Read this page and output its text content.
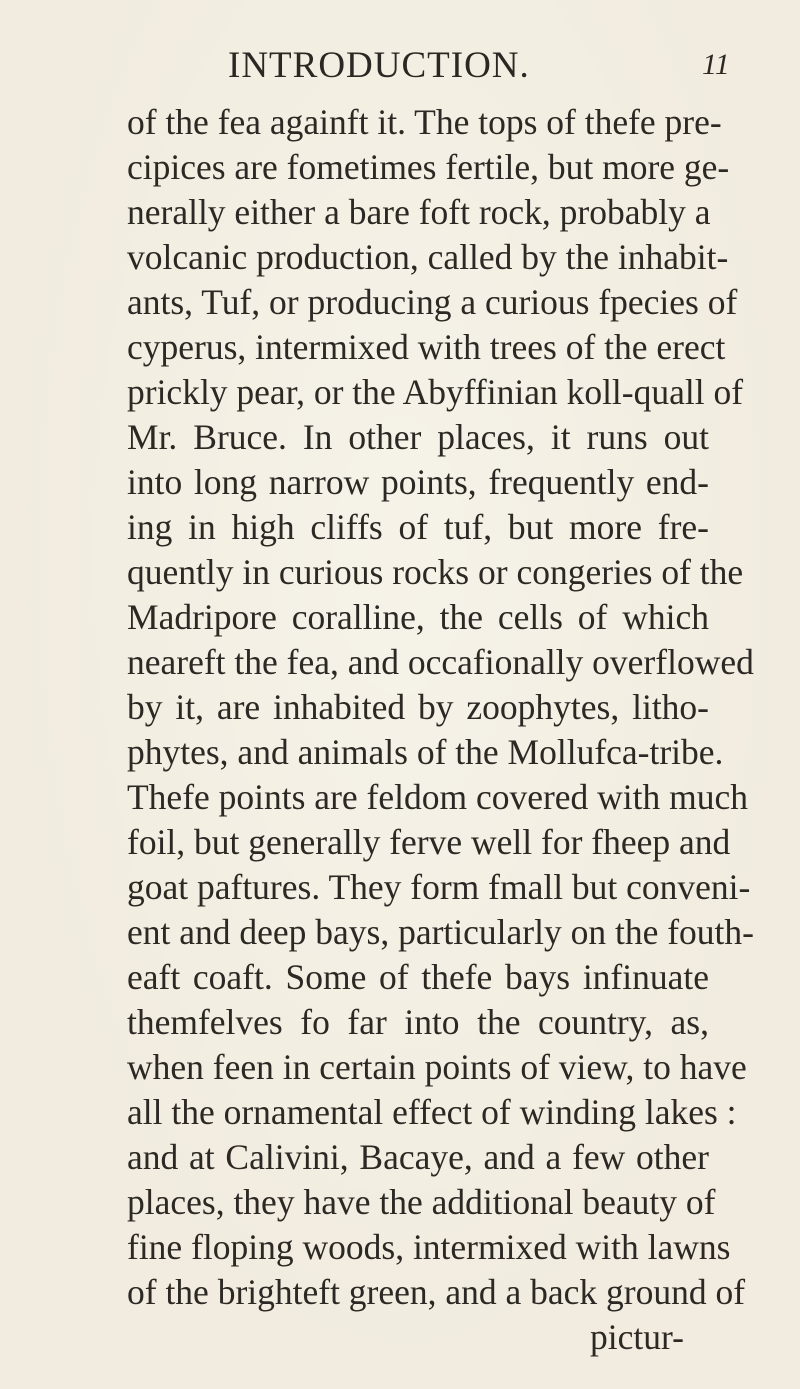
INTRODUCTION.	11
of the fea againft it. The tops of thefe pre-
cipices are fometimes fertile, but more ge-
nerally either a bare foft rock, probably a
volcanic production, called by the inhabit-
ants, Tuf, or producing a curious fpecies of
cyperus, intermixed with trees of the erect
prickly pear, or the Abyffinian koll-quall of
Mr. Bruce. In other places, it runs out
into long narrow points, frequently end-
ing in high cliffs of tuf, but more fre-
quently in curious rocks or congeries of the
Madripore coralline, the cells of which
neareft the fea, and occafionally overflowed
by it, are inhabited by zoophytes, litho-
phytes, and animals of the Mollufca-tribe.
Thefe points are feldom covered with much
foil, but generally ferve well for fheep and
goat paftures. They form fmall but conveni-
ent and deep bays, particularly on the fouth-
eaft coaft. Some of thefe bays infinuate
themfelves fo far into the country, as,
when feen in certain points of view, to have
all the ornamental effect of winding lakes :
and at Calivini, Bacaye, and a few other
places, they have the additional beauty of
fine floping woods, intermixed with lawns
of the brighteft green, and a back ground of
pictur-
